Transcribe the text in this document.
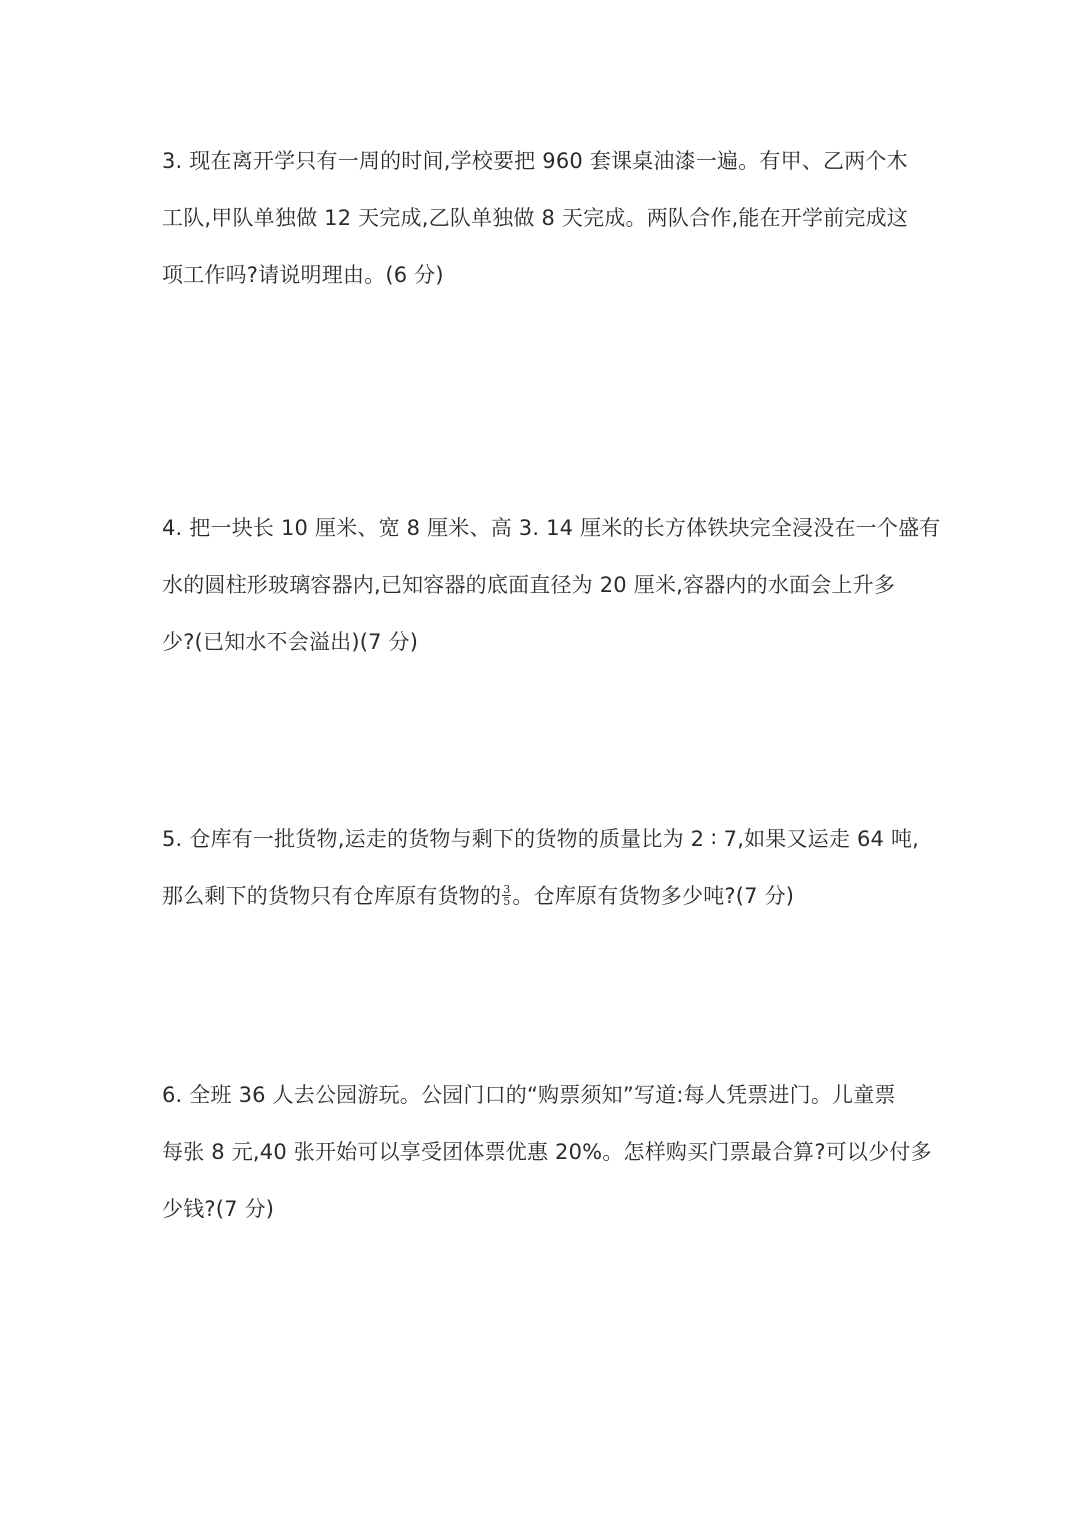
3. 现在离开学只有一周的时间,学校要把 960 套课桌油漆一遍。有甲、乙两个木
工队,甲队单独做 12 天完成,乙队单独做 8 天完成。两队合作,能在开学前完成这
项工作吗?请说明理由。(6 分)
4. 把一块长 10 厘米、宽 8 厘米、高 3. 14 厘米的长方体铁块完全浸没在一个盛有
水的圆柱形玻璃容器内,已知容器的底面直径为 20 厘米,容器内的水面会上升多
少?(已知水不会溢出)(7 分)
5. 仓库有一批货物,运走的货物与剩下的货物的质量比为 2 ∶ 7,如果又运走 64 吨,
那么剩下的货物只有仓库原有货物的 $\frac{3}{5}$ 。仓库原有货物多少吨?(7 分)
6. 全班 36 人去公园游玩。公园门口的“购票须知”写道:每人凭票进门。儿童票
每张 8 元,40 张开始可以享受团体票优惠 20%。怎样购买门票最合算?可以少付多
少钱?(7 分)
